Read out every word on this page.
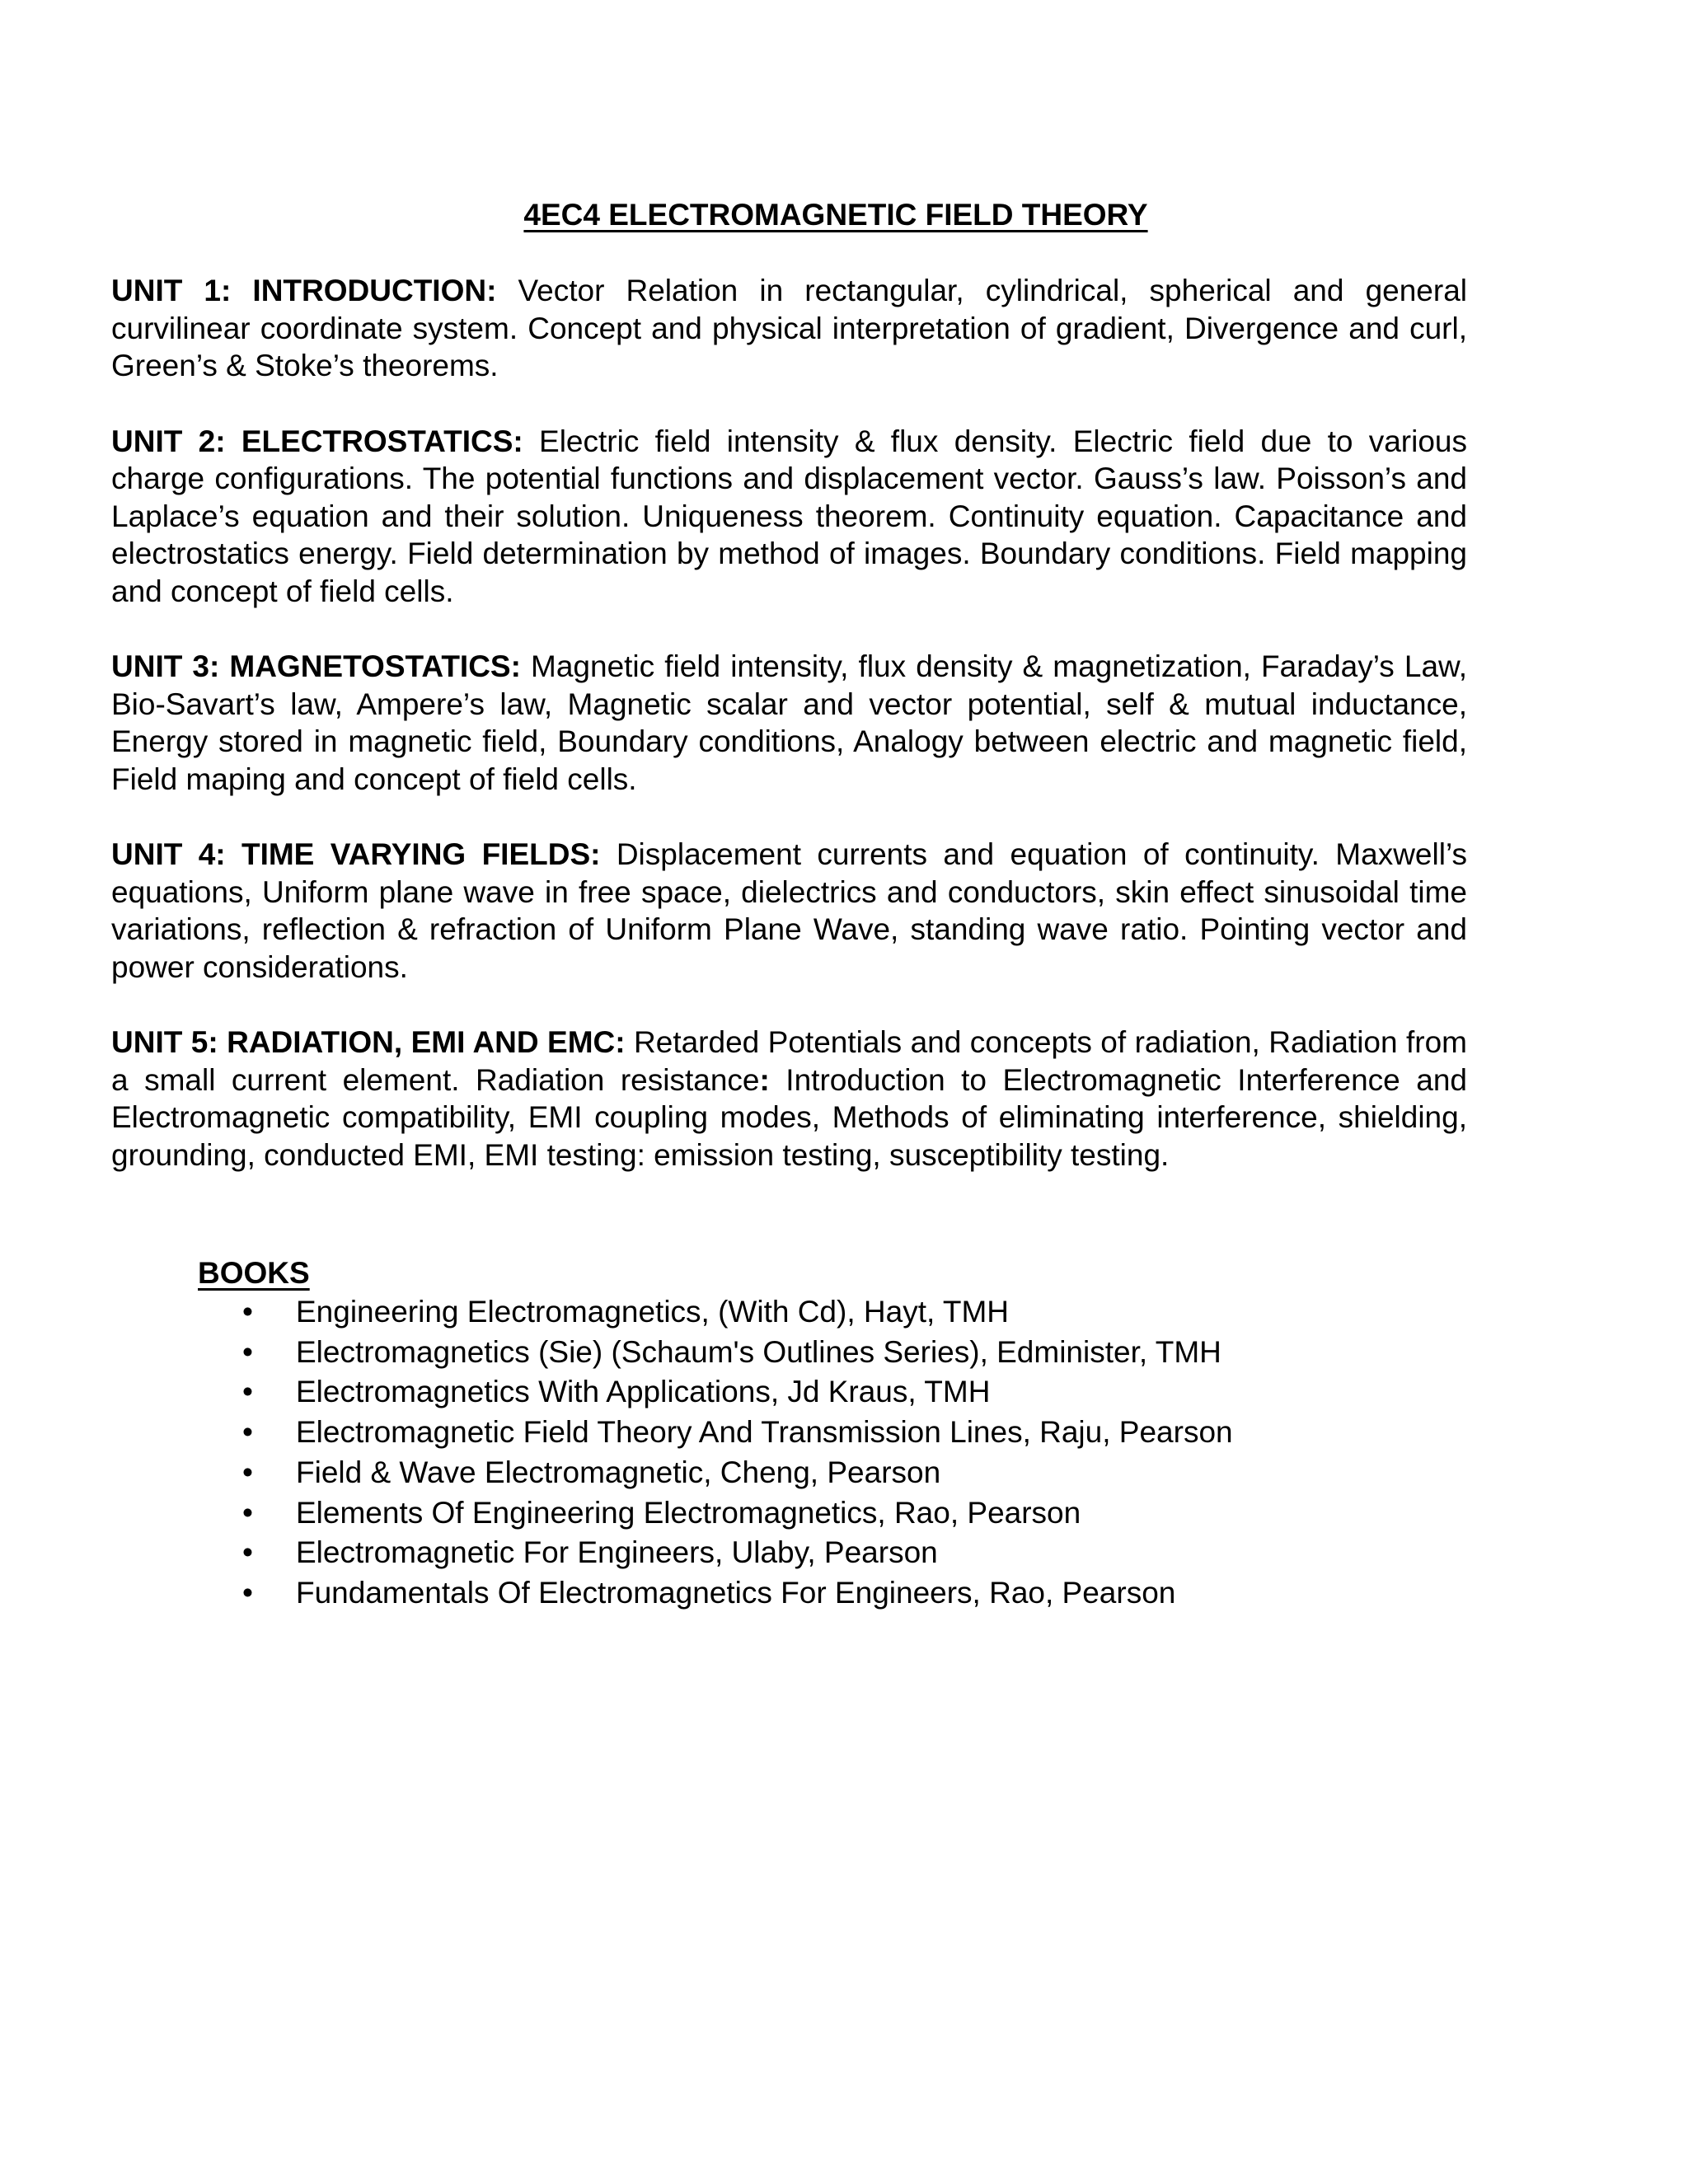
4EC4 ELECTROMAGNETIC FIELD THEORY

UNIT 1: INTRODUCTION: Vector Relation in rectangular, cylindrical, spherical and general curvilinear coordinate system. Concept and physical interpretation of gradient, Divergence and curl, Green’s & Stoke’s theorems.

UNIT 2: ELECTROSTATICS: Electric field intensity & flux density. Electric field due to various charge configurations. The potential functions and displacement vector. Gauss’s law. Poisson’s and Laplace’s equation and their solution. Uniqueness theorem. Continuity equation. Capacitance and electrostatics energy. Field determination by method of images. Boundary conditions. Field mapping and concept of field cells.

UNIT 3: MAGNETOSTATICS: Magnetic field intensity, flux density & magnetization, Faraday’s Law, Bio-Savart’s law, Ampere’s law, Magnetic scalar and vector potential, self & mutual inductance, Energy stored in magnetic field, Boundary conditions, Analogy between electric and magnetic field, Field maping and concept of field cells.

UNIT 4: TIME VARYING FIELDS: Displacement currents and equation of continuity. Maxwell’s equations, Uniform plane wave in free space, dielectrics and conductors, skin effect sinusoidal time variations, reflection & refraction of Uniform Plane Wave, standing wave ratio. Pointing vector and power considerations.

UNIT 5: RADIATION, EMI AND EMC: Retarded Potentials and concepts of radiation, Radiation from a small current element. Radiation resistance: Introduction to Electromagnetic Interference and Electromagnetic compatibility, EMI coupling modes, Methods of eliminating interference, shielding, grounding, conducted EMI, EMI testing: emission testing, susceptibility testing.

BOOKS
• Engineering Electromagnetics, (With Cd), Hayt, TMH
• Electromagnetics (Sie) (Schaum's Outlines Series), Edminister, TMH
• Electromagnetics With Applications, Jd Kraus, TMH
• Electromagnetic Field Theory And Transmission Lines, Raju, Pearson
• Field & Wave Electromagnetic, Cheng, Pearson
• Elements Of Engineering Electromagnetics, Rao, Pearson
• Electromagnetic For Engineers, Ulaby, Pearson
• Fundamentals Of Electromagnetics For Engineers, Rao, Pearson
